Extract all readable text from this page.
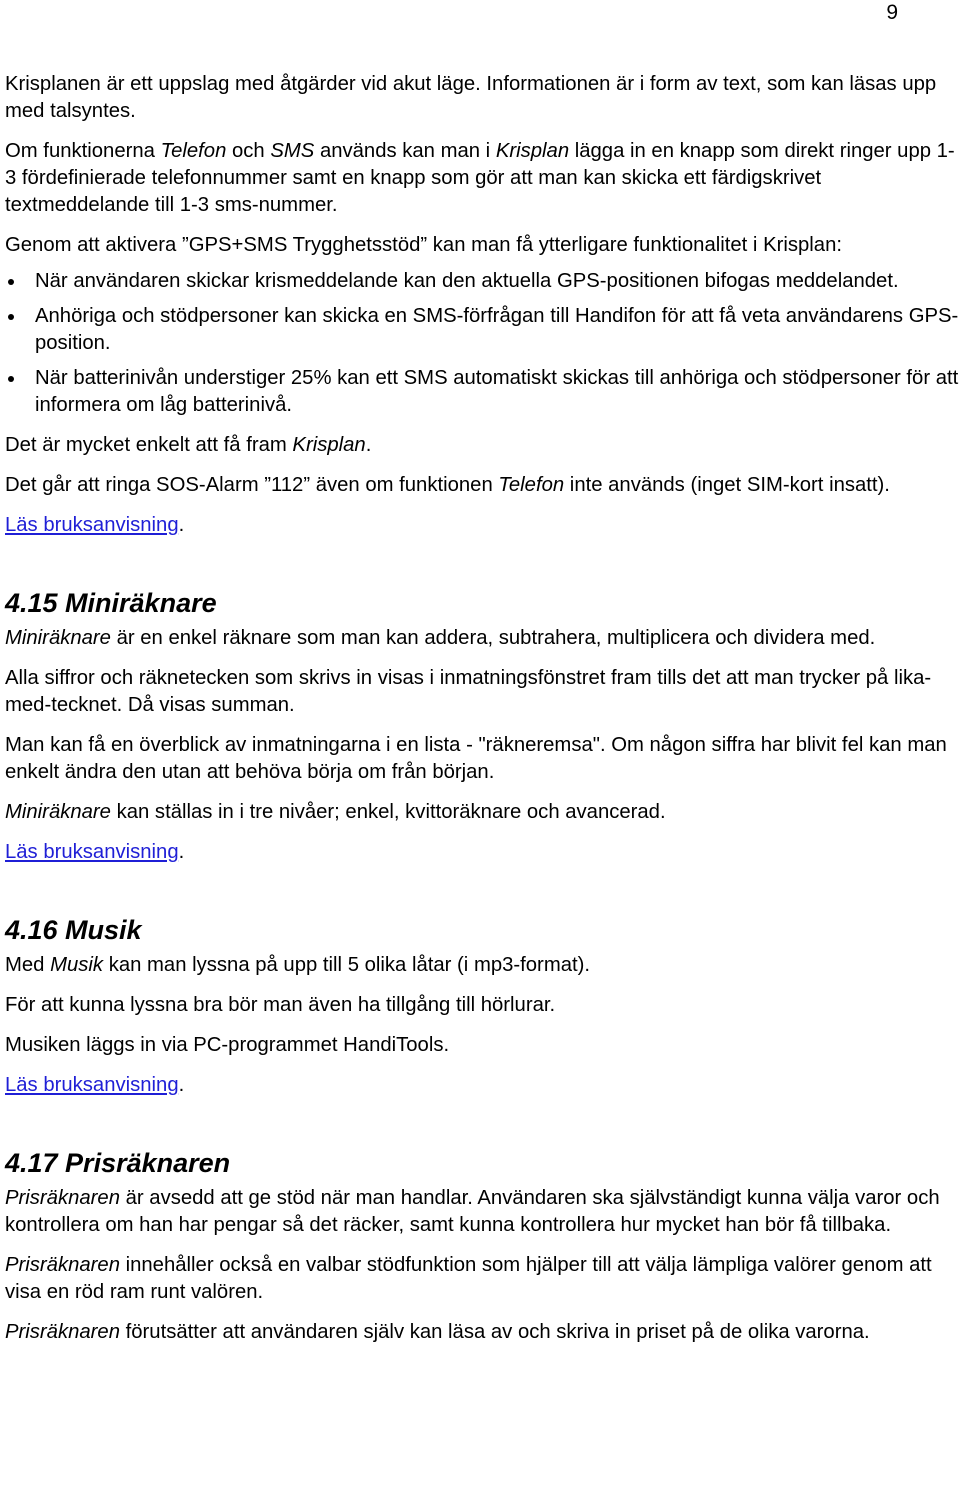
9

Krisplanen är ett uppslag med åtgärder vid akut läge. Informationen är i form av text, som kan läsas upp med talsyntes.

Om funktionerna Telefon och SMS används kan man i Krisplan lägga in en knapp som direkt ringer upp 1-3 fördefinierade telefonnummer samt en knapp som gör att man kan skicka ett färdigskrivet textmeddelande till 1-3 sms-nummer.

Genom att aktivera ”GPS+SMS Trygghetsstöd” kan man få ytterligare funktionalitet i Krisplan:

När användaren skickar krismeddelande kan den aktuella GPS-positionen bifogas meddelandet.
Anhöriga och stödpersoner kan skicka en SMS-förfrågan till Handifon för att få veta användarens GPS-position.
När batterinivån understiger 25% kan ett SMS automatiskt skickas till anhöriga och stödpersoner för att informera om låg batterinivå.

Det är mycket enkelt att få fram Krisplan.

Det går att ringa SOS-Alarm ”112” även om funktionen Telefon inte används (inget SIM-kort insatt).

Läs bruksanvisning.

4.15 Miniräknare

Miniräknare är en enkel räknare som man kan addera, subtrahera, multiplicera och dividera med.

Alla siffror och räknetecken som skrivs in visas i inmatningsfönstret fram tills det att man trycker på lika-med-tecknet. Då visas summan.

Man kan få en överblick av inmatningarna i en lista - "räkneremsa". Om någon siffra har blivit fel kan man enkelt ändra den utan att behöva börja om från början.

Miniräknare kan ställas in i tre nivåer; enkel, kvittoräknare och avancerad.

Läs bruksanvisning.

4.16 Musik

Med Musik kan man lyssna på upp till 5 olika låtar (i mp3-format).

För att kunna lyssna bra bör man även ha tillgång till hörlurar.

Musiken läggs in via PC-programmet HandiTools.

Läs bruksanvisning.

4.17 Prisräknaren

Prisräknaren är avsedd att ge stöd när man handlar. Användaren ska självständigt kunna välja varor och kontrollera om han har pengar så det räcker, samt kunna kontrollera hur mycket han bör få tillbaka.

Prisräknaren innehåller också en valbar stödfunktion som hjälper till att välja lämpliga valörer genom att visa en röd ram runt valören.

Prisräknaren förutsätter att användaren själv kan läsa av och skriva in priset på de olika varorna.
